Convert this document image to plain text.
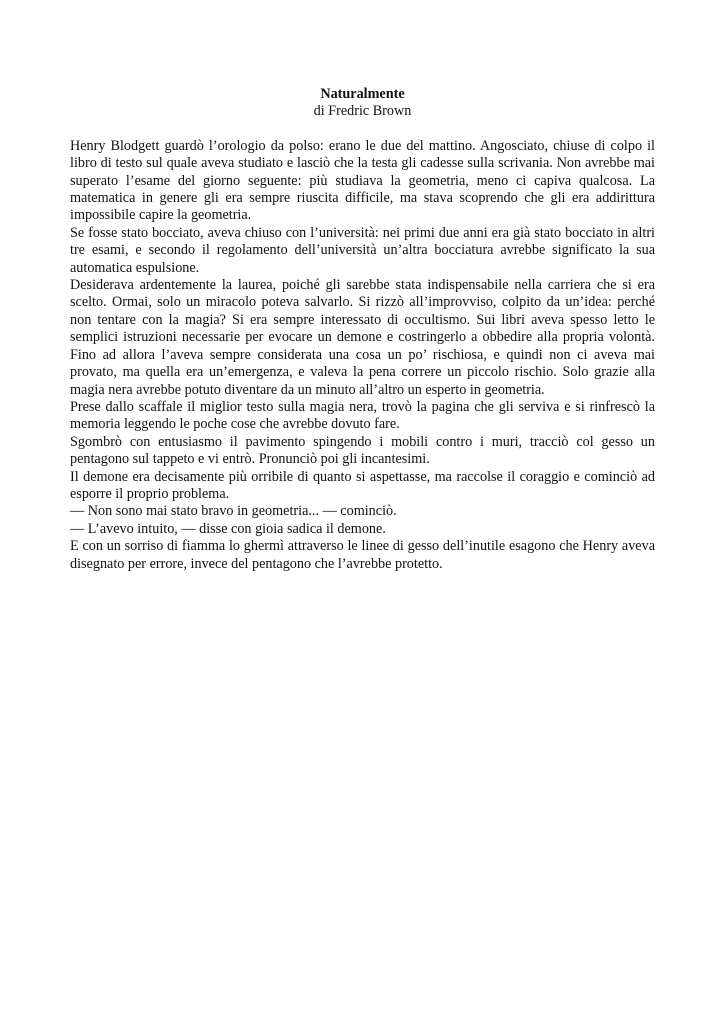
Naturalmente

di Fredric Brown

Henry Blodgett guardò l’orologio da polso: erano le due del mattino. Angosciato, chiuse di colpo il libro di testo sul quale aveva studiato e lasciò che la testa gli cadesse sulla scrivania. Non avrebbe mai superato l’esame del giorno seguente: più studiava la geometria, meno ci capiva qualcosa. La matematica in genere gli era sempre riuscita difficile, ma stava scoprendo che gli era addirittura impossibile capire la geometria.

Se fosse stato bocciato, aveva chiuso con l’università: nei primi due anni era già stato bocciato in altri tre esami, e secondo il regolamento dell’università un’altra bocciatura avrebbe significato la sua automatica espulsione.

Desiderava ardentemente la laurea, poiché gli sarebbe stata indispensabile nella carriera che si era scelto. Ormai, solo un miracolo poteva salvarlo. Si rizzò all’improvviso, colpito da un’idea: perché non tentare con la magia? Si era sempre interessato di occultismo. Sui libri aveva spesso letto le semplici istruzioni necessarie per evocare un demone e costringerlo a obbedire alla propria volontà. Fino ad allora l’aveva sempre considerata una cosa un po’ rischiosa, e quindi non ci aveva mai provato, ma quella era un’emergenza, e valeva la pena correre un piccolo rischio. Solo grazie alla magia nera avrebbe potuto diventare da un minuto all’altro un esperto in geometria.

Prese dallo scaffale il miglior testo sulla magia nera, trovò la pagina che gli serviva e si rinfrescò la memoria leggendo le poche cose che avrebbe dovuto fare.

Sgombrò con entusiasmo il pavimento spingendo i mobili contro i muri, tracciò col gesso un pentagono sul tappeto e vi entrò. Pronunciò poi gli incantesimi.

Il demone era decisamente più orribile di quanto si aspettasse, ma raccolse il coraggio e cominciò ad esporre il proprio problema.

— Non sono mai stato bravo in geometria... — cominciò.

— L’avevo intuito, — disse con gioia sadica il demone.

E con un sorriso di fiamma lo ghermì attraverso le linee di gesso dell’inutile esagono che Henry aveva disegnato per errore, invece del pentagono che l’avrebbe protetto.
